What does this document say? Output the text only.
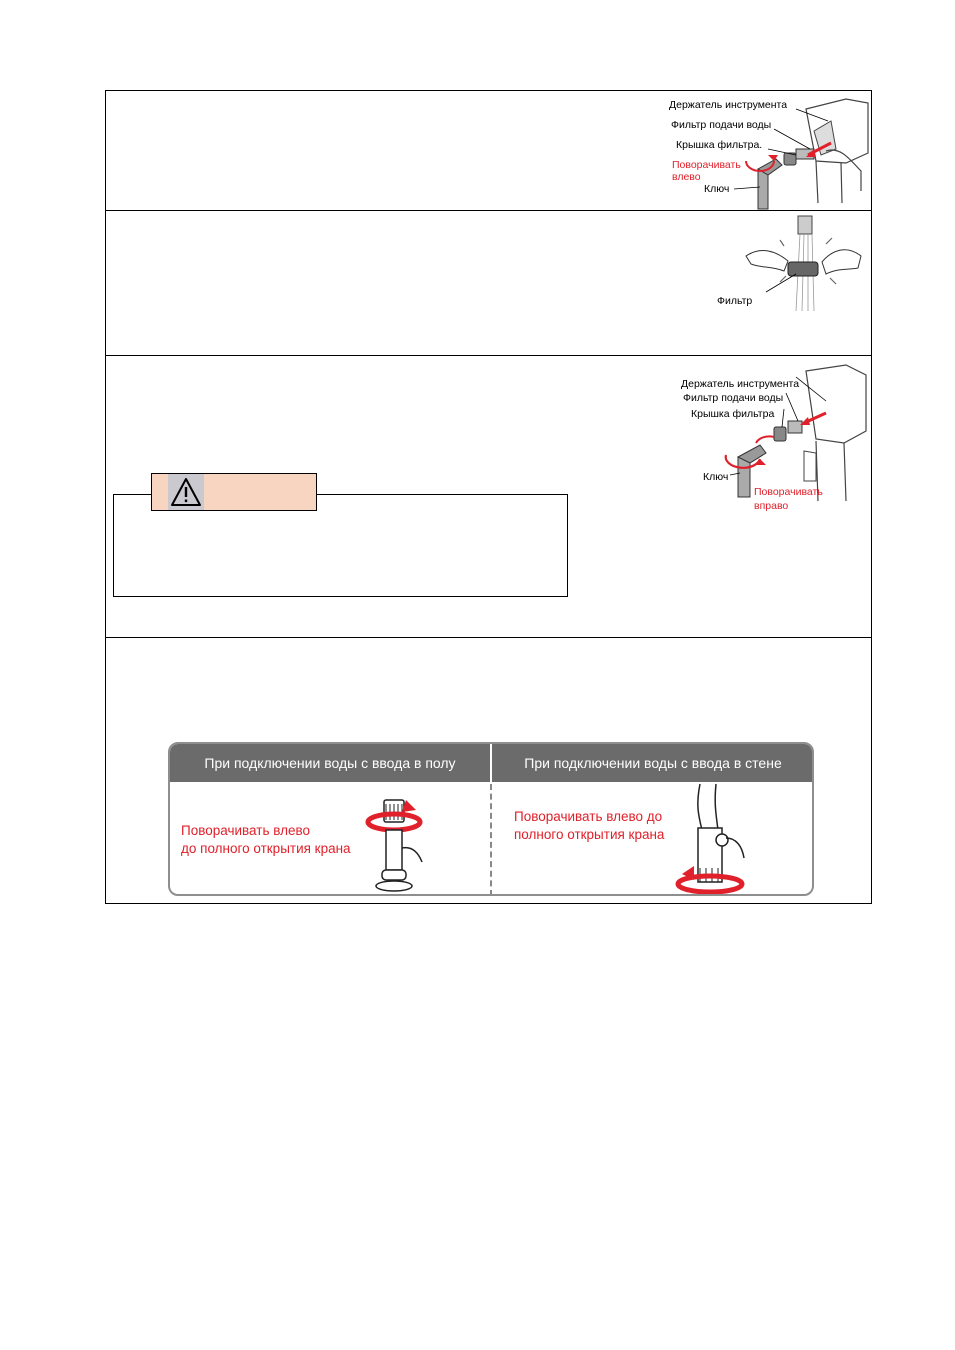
Держатель инструмента
Фильтр подачи воды
Крышка фильтра.
Поворачивать
влево
Ключ
Фильтр
Держатель инструмента
Фильтр подачи воды
Крышка фильтра
Ключ
Поворачивать
вправо
При подключении воды с ввода в полу	При подключении воды с ввода в стене
Поворачивать влево
до полного открытия крана
Поворачивать влево до
полного открытия крана
